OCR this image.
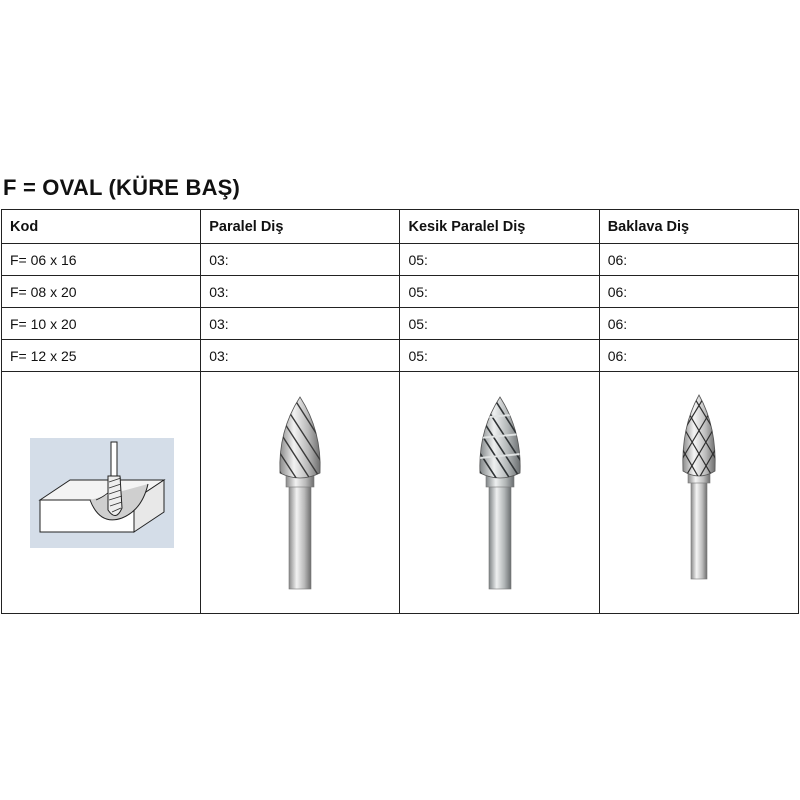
F = OVAL (KÜRE BAŞ)
Kod	Paralel Diş	Kesik Paralel Diş	Baklava Diş
F= 06 x 16	03:	05:	06:
F= 08 x 20	03:	05:	06:
F= 10 x 20	03:	05:	06:
F= 12 x 25	03:	05:	06:
